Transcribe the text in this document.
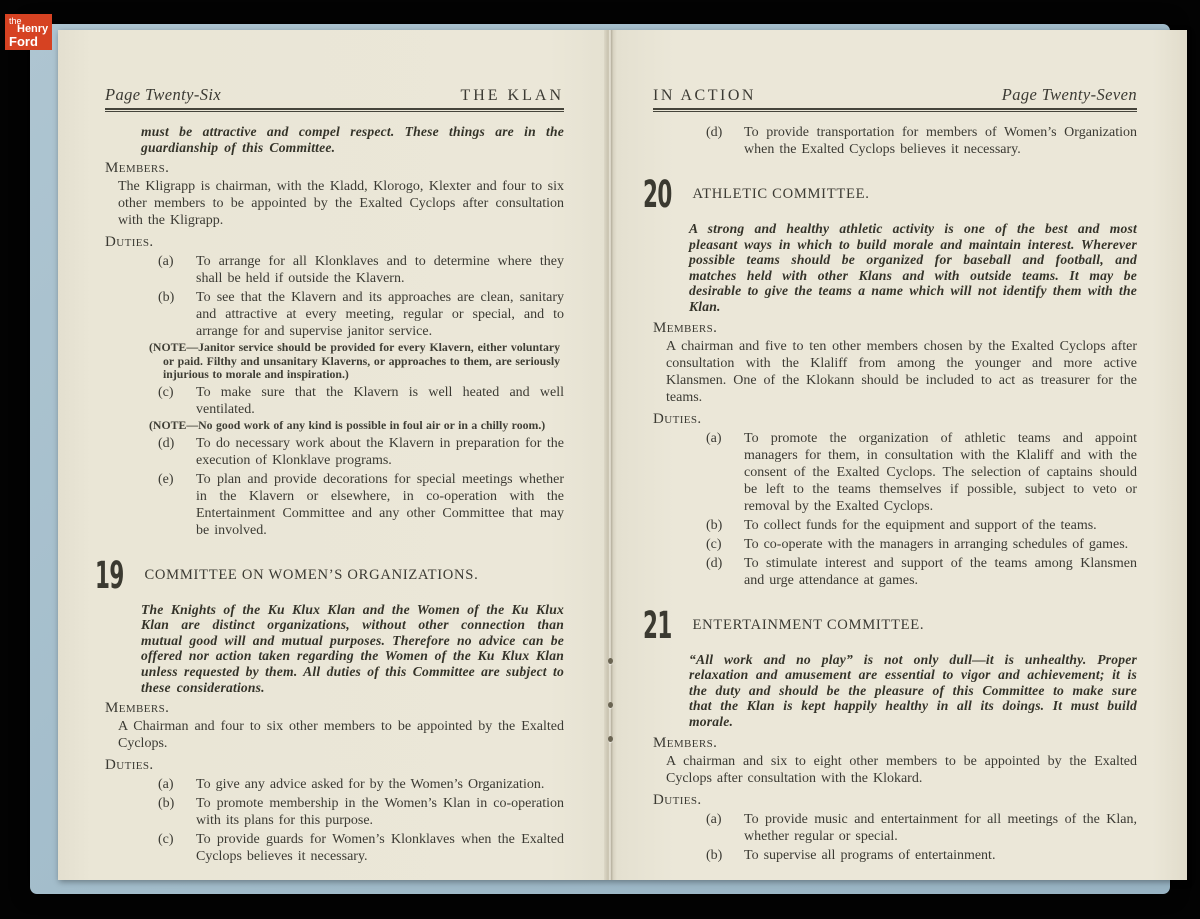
the
Henry
Ford
Page Twenty-Six	THE KLAN
must be attractive and compel respect. These things are in the guardianship of this Committee.
Members.
The Kligrapp is chairman, with the Kladd, Klorogo, Klexter and four to six other members to be appointed by the Exalted Cyclops after consultation with the Kligrapp.
Duties.
(a)	To arrange for all Klonklaves and to determine where they shall be held if outside the Klavern.
(b)	To see that the Klavern and its approaches are clean, sanitary and attractive at every meeting, regular or special, and to arrange for and supervise janitor service.
(NOTE—Janitor service should be provided for every Klavern, either voluntary or paid. Filthy and unsanitary Klaverns, or approaches to them, are seriously injurious to morale and inspiration.)
(c)	To make sure that the Klavern is well heated and well ventilated.
(NOTE—No good work of any kind is possible in foul air or in a chilly room.)
(d)	To do necessary work about the Klavern in preparation for the execution of Klonklave programs.
(e)	To plan and provide decorations for special meetings whether in the Klavern or elsewhere, in co-operation with the Entertainment Committee and any other Committee that may be involved.
19 COMMITTEE ON WOMEN’S ORGANIZATIONS.
The Knights of the Ku Klux Klan and the Women of the Ku Klux Klan are distinct organizations, without other connection than mutual good will and mutual purposes. Therefore no advice can be offered nor action taken regarding the Women of the Ku Klux Klan unless requested by them. All duties of this Committee are subject to these considerations.
Members.
A Chairman and four to six other members to be appointed by the Exalted Cyclops.
Duties.
(a)	To give any advice asked for by the Women’s Organization.
(b)	To promote membership in the Women’s Klan in co-operation with its plans for this purpose.
(c)	To provide guards for Women’s Klonklaves when the Exalted Cyclops believes it necessary.
IN ACTION	Page Twenty-Seven
(d)	To provide transportation for members of Women’s Organization when the Exalted Cyclops believes it necessary.
20 ATHLETIC COMMITTEE.
A strong and healthy athletic activity is one of the best and most pleasant ways in which to build morale and maintain interest. Wherever possible teams should be organized for baseball and football, and matches held with other Klans and with outside teams. It may be desirable to give the teams a name which will not identify them with the Klan.
Members.
A chairman and five to ten other members chosen by the Exalted Cyclops after consultation with the Klaliff from among the younger and more active Klansmen. One of the Klokann should be included to act as treasurer for the teams.
Duties.
(a)	To promote the organization of athletic teams and appoint managers for them, in consultation with the Klaliff and with the consent of the Exalted Cyclops. The selection of captains should be left to the teams themselves if possible, subject to veto or removal by the Exalted Cyclops.
(b)	To collect funds for the equipment and support of the teams.
(c)	To co-operate with the managers in arranging schedules of games.
(d)	To stimulate interest and support of the teams among Klansmen and urge attendance at games.
21 ENTERTAINMENT COMMITTEE.
“All work and no play” is not only dull—it is unhealthy. Proper relaxation and amusement are essential to vigor and achievement; it is the duty and should be the pleasure of this Committee to make sure that the Klan is kept happily healthy in all its doings. It must build morale.
Members.
A chairman and six to eight other members to be appointed by the Exalted Cyclops after consultation with the Klokard.
Duties.
(a)	To provide music and entertainment for all meetings of the Klan, whether regular or special.
(b)	To supervise all programs of entertainment.
